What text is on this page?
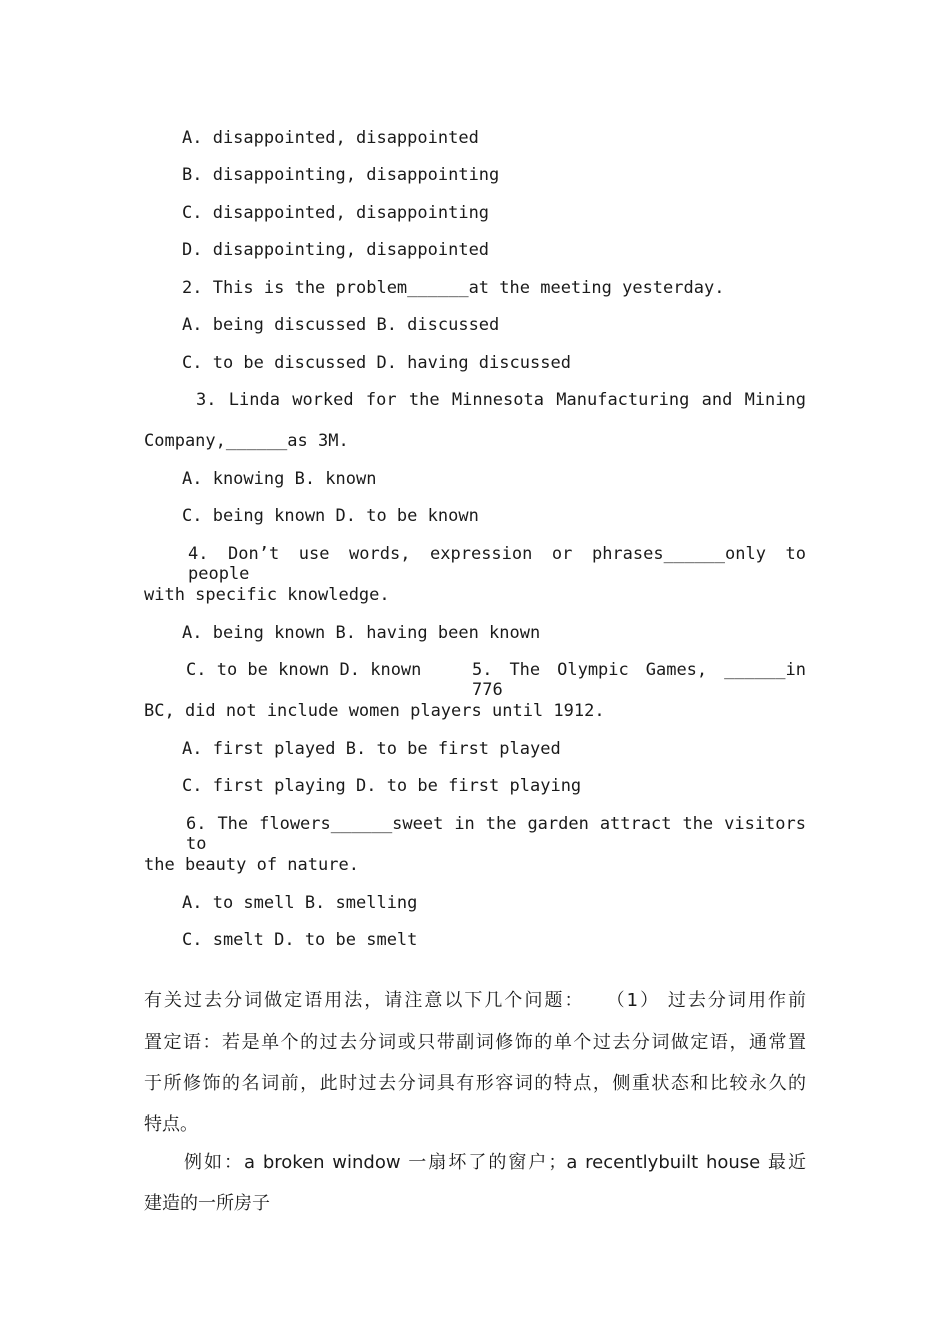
A. disappointed, disappointed

B. disappointing, disappointing

C. disappointed, disappointing

D. disappointing, disappointed

2. This is the problem______at the meeting yesterday.

A. being discussed B. discussed

C. to be discussed D. having discussed

3. Linda worked for the Minnesota Manufacturing and Mining

Company,______as 3M.

A. knowing B. known

C. being known D. to be known

4. Don’t use words, expression or phrases______only to people

with specific knowledge.

A. being known B. having been known

C. to be known D. known	5. The Olympic Games, ______in 776

BC, did not include women players until 1912.

A. first played B. to be first played

C. first playing D. to be first playing

6. The flowers______sweet in the garden attract the visitors to

the beauty of nature.

A. to smell B. smelling

C. smelt D. to be smelt

有关过去分词做定语用法，请注意以下几个问题：　　（1） 过去分词用作前

置定语：若是单个的过去分词或只带副词修饰的单个过去分词做定语，通常置

于所修饰的名词前，此时过去分词具有形容词的特点，侧重状态和比较永久的

特点。

例如：a broken window 一扇坏了的窗户；a recentlybuilt house 最近

建造的一所房子
